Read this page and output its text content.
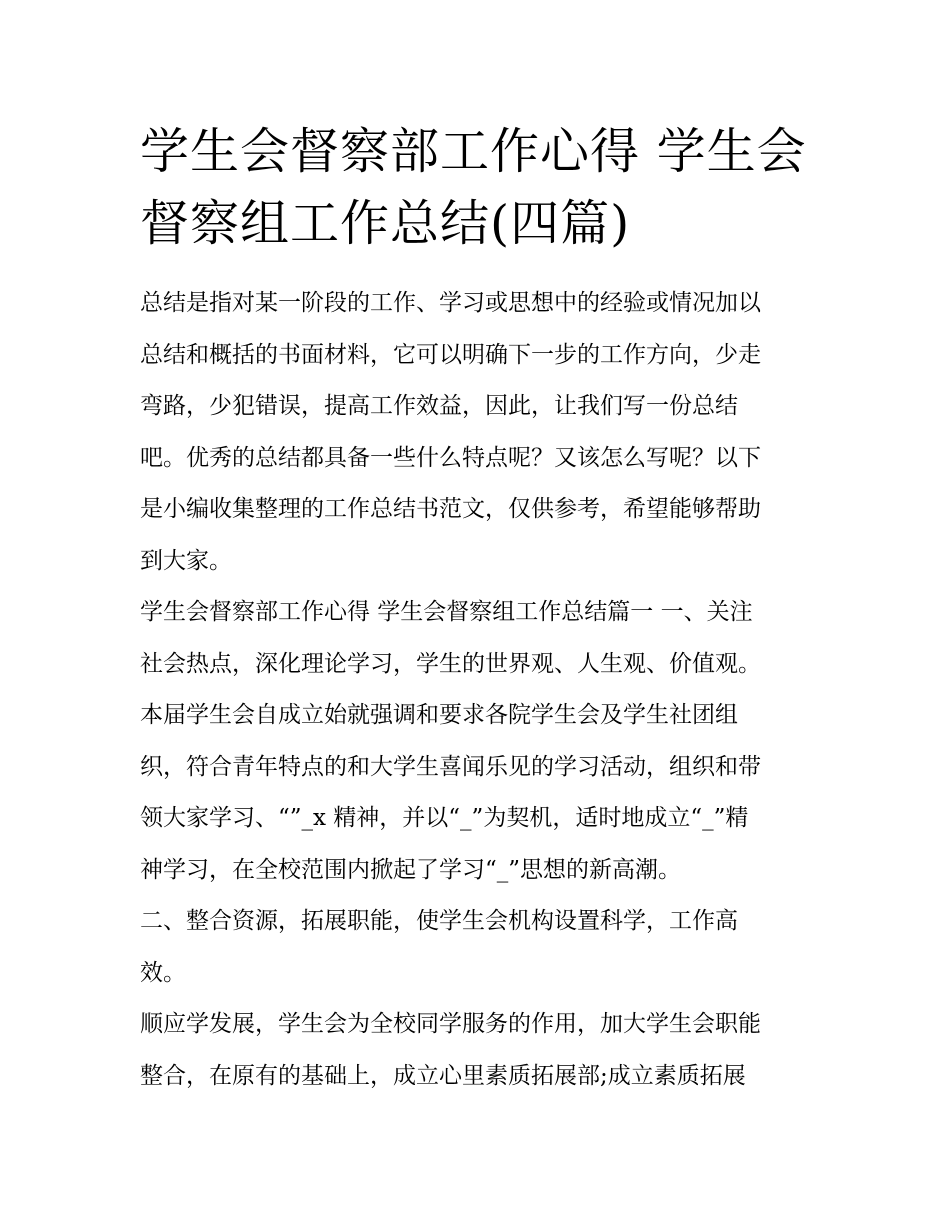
学生会督察部工作心得 学生会
督察组工作总结(四篇)
总结是指对某一阶段的工作、学习或思想中的经验或情况加以
总结和概括的书面材料，它可以明确下一步的工作方向，少走
弯路，少犯错误，提高工作效益，因此，让我们写一份总结
吧。优秀的总结都具备一些什么特点呢？又该怎么写呢？以下
是小编收集整理的工作总结书范文，仅供参考，希望能够帮助
到大家。
学生会督察部工作心得 学生会督察组工作总结篇一 一、关注
社会热点，深化理论学习，学生的世界观、人生观、价值观。
本届学生会自成立始就强调和要求各院学生会及学生社团组
织，符合青年特点的和大学生喜闻乐见的学习活动，组织和带
领大家学习、“”_x 精神，并以“_”为契机，适时地成立“_”精
神学习，在全校范围内掀起了学习“_”思想的新高潮。
二、整合资源，拓展职能，使学生会机构设置科学，工作高
效。
顺应学发展，学生会为全校同学服务的作用，加大学生会职能
整合，在原有的基础上，成立心里素质拓展部;成立素质拓展
